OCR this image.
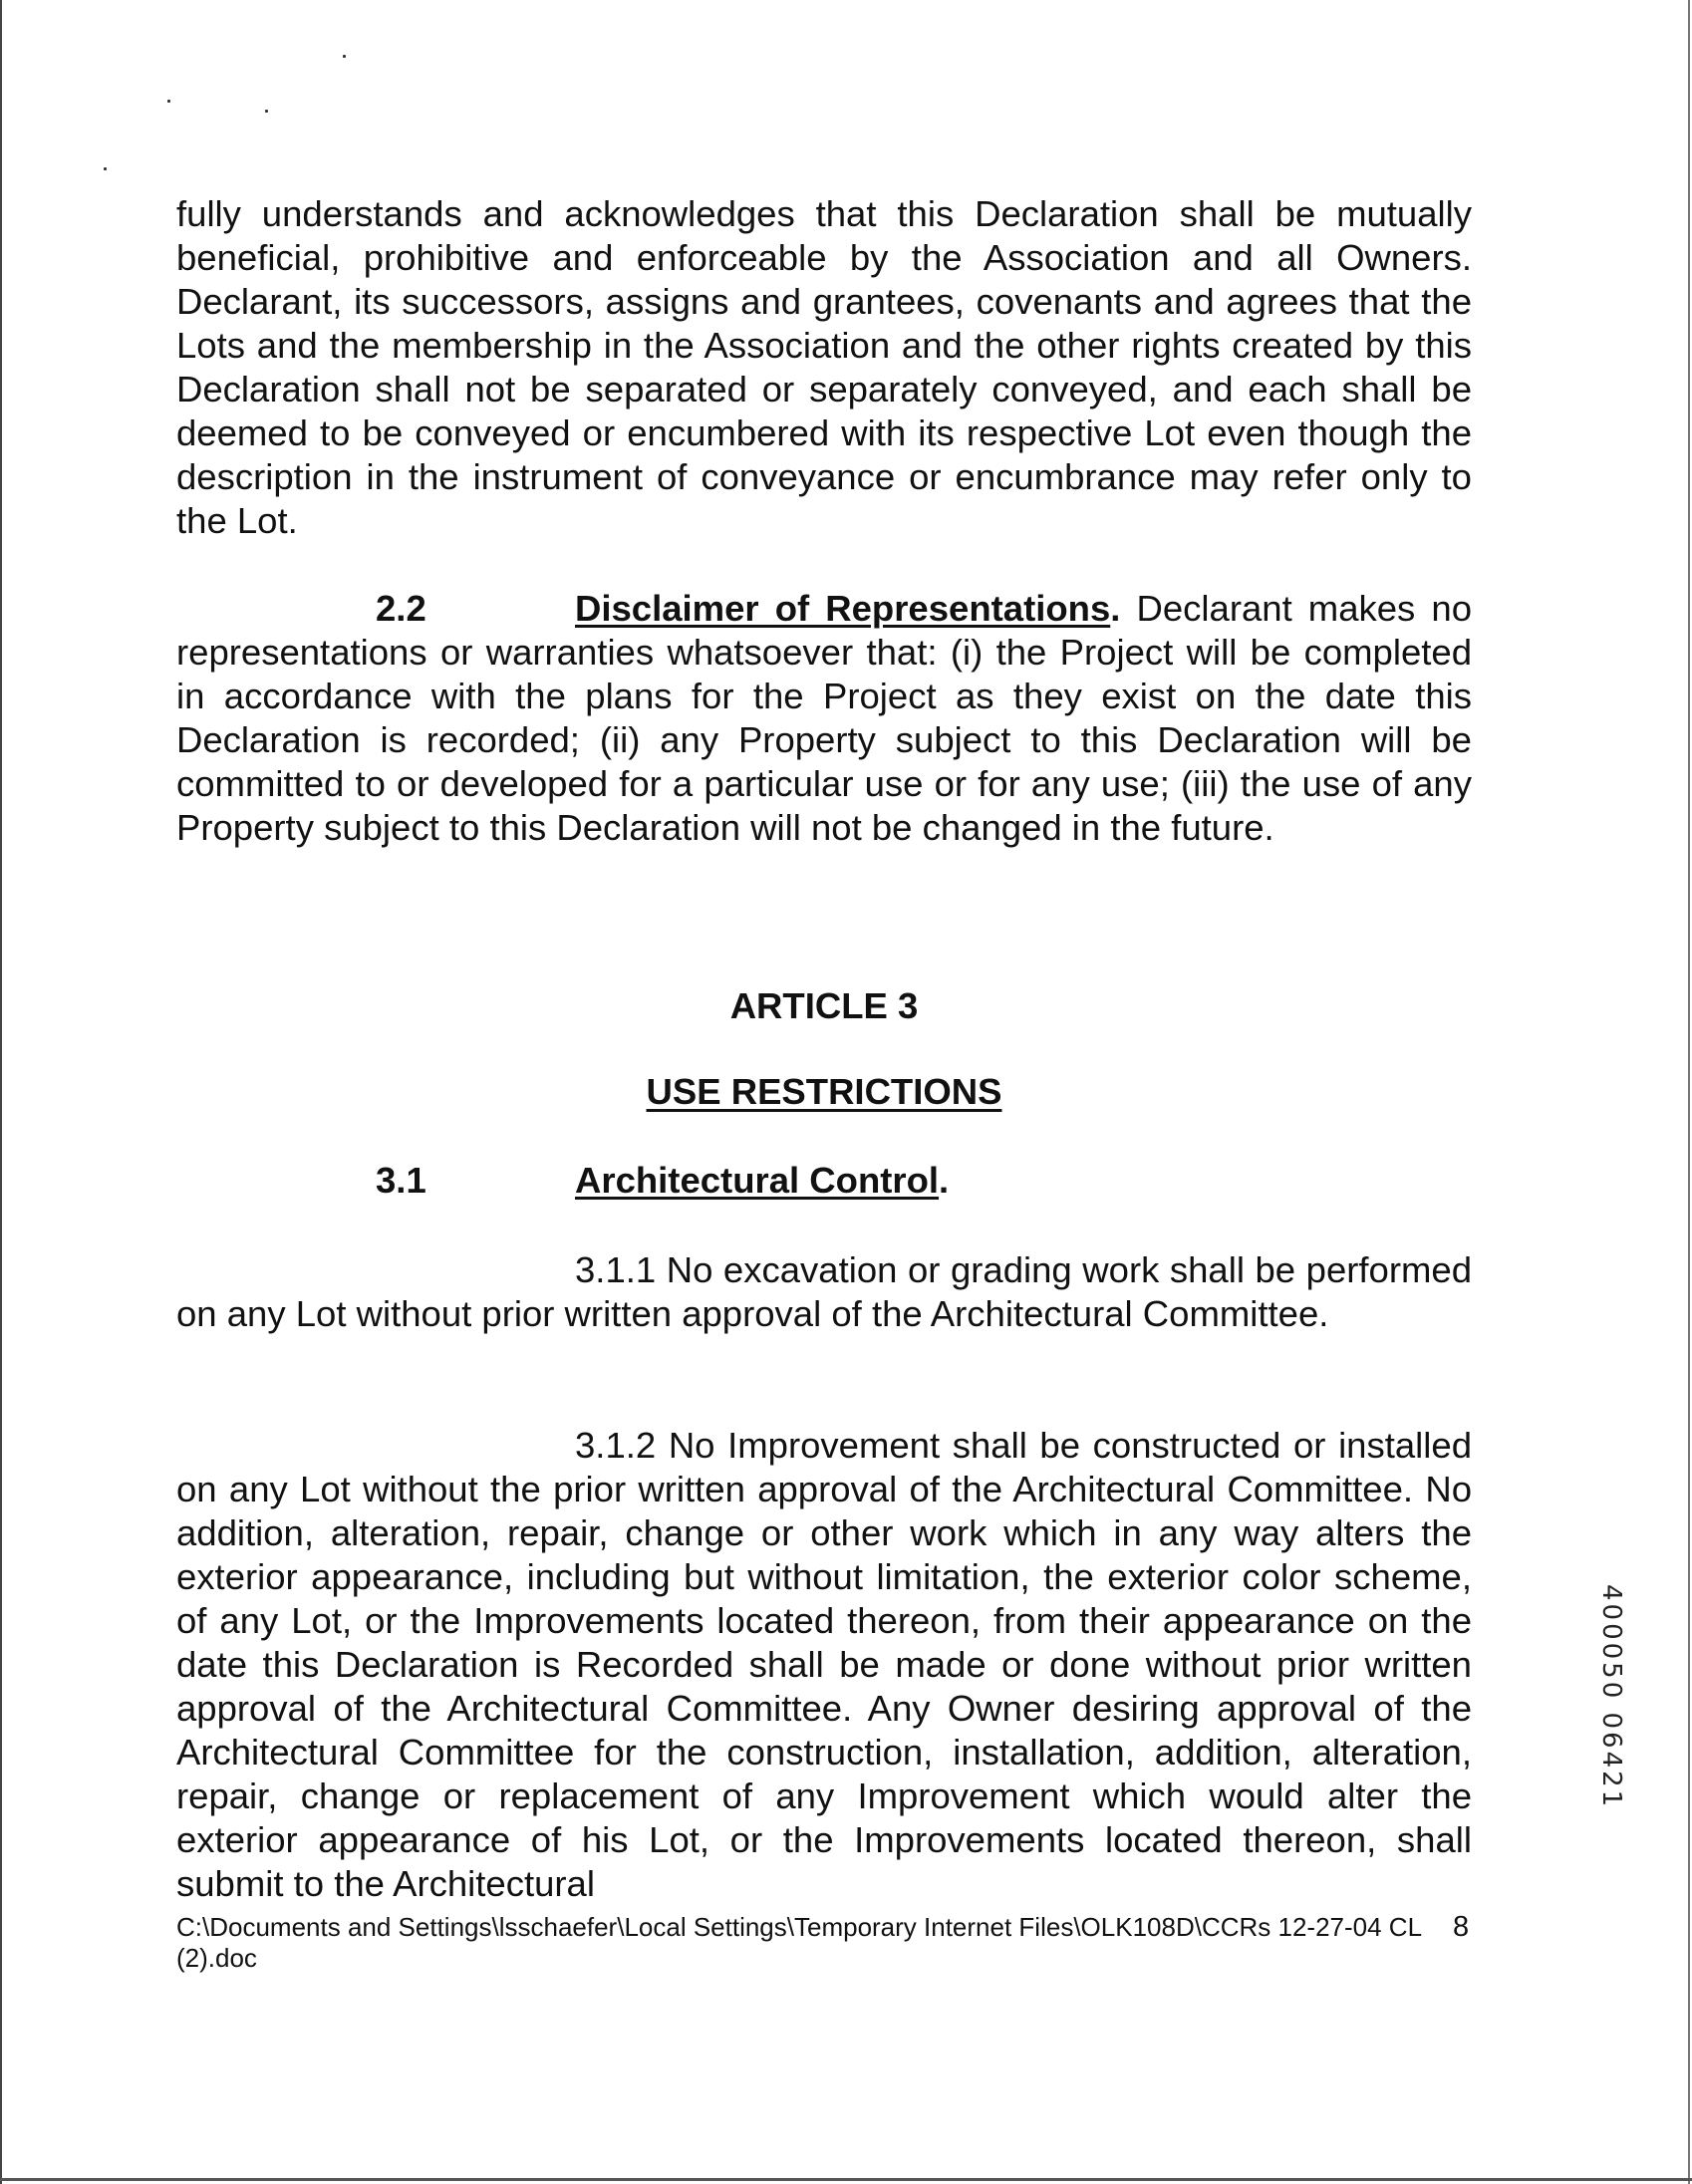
fully understands and acknowledges that this Declaration shall be mutually beneficial, prohibitive and enforceable by the Association and all Owners. Declarant, its successors, assigns and grantees, covenants and agrees that the Lots and the membership in the Association and the other rights created by this Declaration shall not be separated or separately conveyed, and each shall be deemed to be conveyed or encumbered with its respective Lot even though the description in the instrument of conveyance or encumbrance may refer only to the Lot.

2.2	Disclaimer of Representations. Declarant makes no representations or warranties whatsoever that: (i) the Project will be completed in accordance with the plans for the Project as they exist on the date this Declaration is recorded; (ii) any Property subject to this Declaration will be committed to or developed for a particular use or for any use; (iii) the use of any Property subject to this Declaration will not be changed in the future.

ARTICLE 3

USE RESTRICTIONS

3.1	Architectural Control.

3.1.1 No excavation or grading work shall be performed on any Lot without prior written approval of the Architectural Committee.

3.1.2 No Improvement shall be constructed or installed on any Lot without the prior written approval of the Architectural Committee. No addition, alteration, repair, change or other work which in any way alters the exterior appearance, including but without limitation, the exterior color scheme, of any Lot, or the Improvements located thereon, from their appearance on the date this Declaration is Recorded shall be made or done without prior written approval of the Architectural Committee. Any Owner desiring approval of the Architectural Committee for the construction, installation, addition, alteration, repair, change or replacement of any Improvement which would alter the exterior appearance of his Lot, or the Improvements located thereon, shall submit to the Architectural

C:\Documents and Settings\lsschaefer\Local Settings\Temporary Internet Files\OLK108D\CCRs 12-27-04 CL (2).doc

8
400050 06421
